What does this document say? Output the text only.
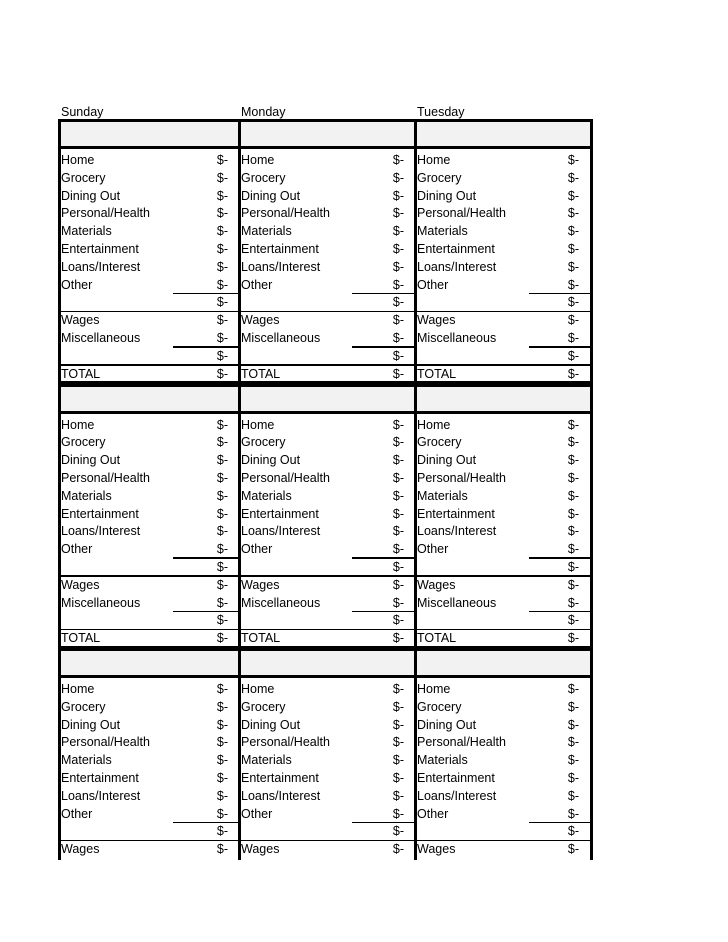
Sunday	Monday	Tuesday
Home	$- Home	$- Home	$-
Grocery	$- Grocery	$- Grocery	$-
Dining Out	$- Dining Out	$- Dining Out	$-
Personal/Health	$- Personal/Health	$- Personal/Health	$-
Materials	$- Materials	$- Materials	$-
Entertainment	$- Entertainment	$- Entertainment	$-
Loans/Interest	$- Loans/Interest	$- Loans/Interest	$-
Other	$- Other	$- Other	$-
$-	$-	$-
Wages	$- Wages	$- Wages	$-
Miscellaneous	$- Miscellaneous	$- Miscellaneous	$-
$-	$-	$-
TOTAL	$- TOTAL	$- TOTAL	$-
Home	$- Home	$- Home	$-
Grocery	$- Grocery	$- Grocery	$-
Dining Out	$- Dining Out	$- Dining Out	$-
Personal/Health	$- Personal/Health	$- Personal/Health	$-
Materials	$- Materials	$- Materials	$-
Entertainment	$- Entertainment	$- Entertainment	$-
Loans/Interest	$- Loans/Interest	$- Loans/Interest	$-
Other	$- Other	$- Other	$-
$-	$-	$-
Wages	$- Wages	$- Wages	$-
Miscellaneous	$- Miscellaneous	$- Miscellaneous	$-
$-	$-	$-
TOTAL	$- TOTAL	$- TOTAL	$-
Home	$- Home	$- Home	$-
Grocery	$- Grocery	$- Grocery	$-
Dining Out	$- Dining Out	$- Dining Out	$-
Personal/Health	$- Personal/Health	$- Personal/Health	$-
Materials	$- Materials	$- Materials	$-
Entertainment	$- Entertainment	$- Entertainment	$-
Loans/Interest	$- Loans/Interest	$- Loans/Interest	$-
Other	$- Other	$- Other	$-
$-	$-	$-
Wages	$- Wages	$- Wages	$-
